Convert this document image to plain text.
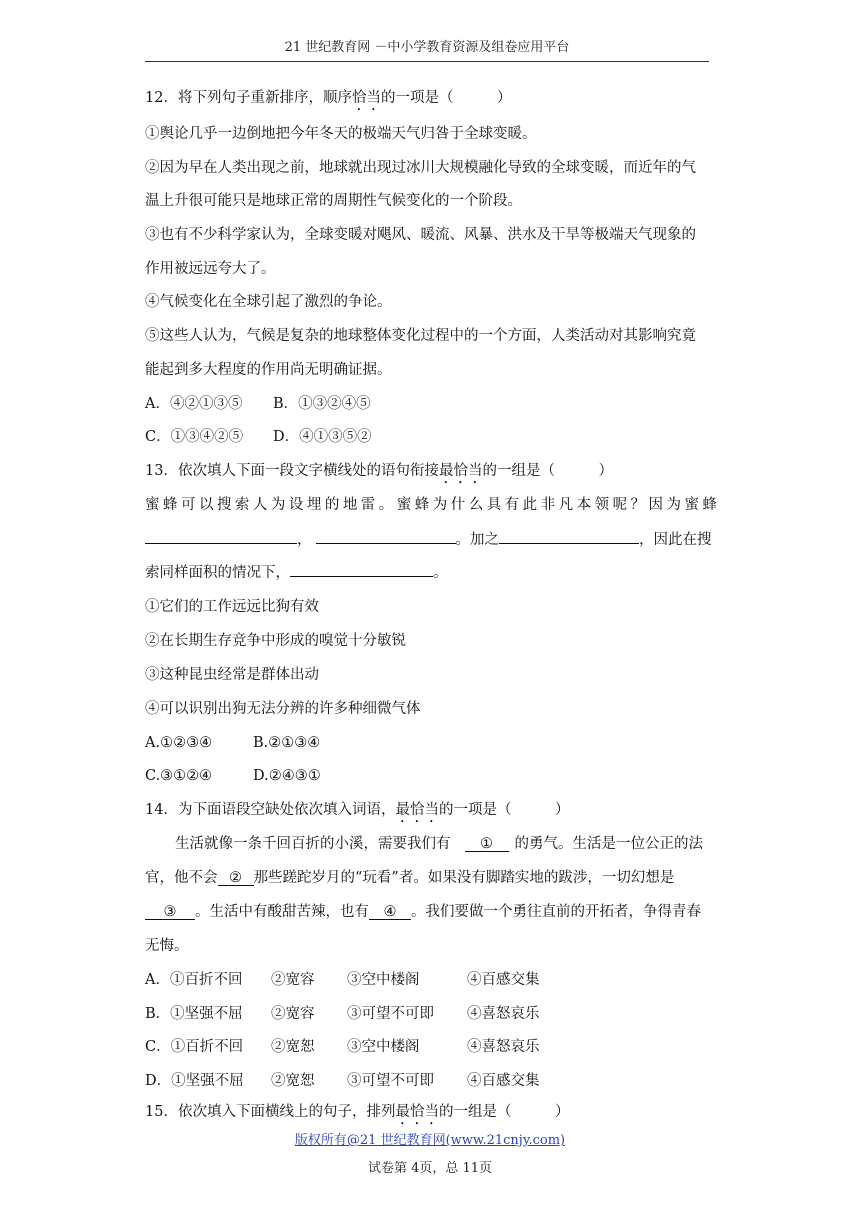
21 世纪教育网 －中小学教育资源及组卷应用平台
12．将下列句子重新排序，顺序恰当的一项是（　　　）
①舆论几乎一边倒地把今年冬天的极端天气归咎于全球变暖。
②因为早在人类出现之前，地球就出现过冰川大规模融化导致的全球变暖，而近年的气
温上升很可能只是地球正常的周期性气候变化的一个阶段。
③也有不少科学家认为，全球变暖对飓风、暖流、风暴、洪水及干旱等极端天气现象的
作用被远远夸大了。
④气候变化在全球引起了激烈的争论。
⑤这些人认为，气候是复杂的地球整体变化过程中的一个方面，人类活动对其影响究竟
能起到多大程度的作用尚无明确证据。
A．④②①③⑤ B．①③②④⑤
C．①③④②⑤ D．④①③⑤②
13．依次填人下面一段文字横线处的语句衔接最恰当的一组是（　　　）
蜜蜂可以搜索人为设埋的地雷。蜜蜂为什么具有此非凡本领呢？因为蜜蜂
，	。加之	，因此在搜
索同样面积的情况下，	。
①它们的工作远远比狗有效
②在长期生存竞争中形成的嗅觉十分敏锐
③这种昆虫经常是群体出动
④可以识别出狗无法分辨的许多种细微气体
A.①②③④	B.②①③④
C.③①②④	D.②④③①
14．为下面语段空缺处依次填入词语，最恰当的一项是（　　　）
生活就像一条千回百折的小溪，需要我们有 ① 的勇气。生活是一位公正的法
官，他不会 ② 那些蹉跎岁月的“玩看”者。如果没有脚踏实地的跋涉，一切幻想是
③ 。生活中有酸甜苦辣，也有 ④ 。我们要做一个勇往直前的开拓者，争得青春
无悔。
A．①百折不回 ②宽容 ③空中楼阁	④百感交集
B．①坚强不屈 ②宽容 ③可望不可即 ④喜怒哀乐
C．①百折不回 ②宽恕 ③空中楼阁	④喜怒哀乐
D．①坚强不屈 ②宽恕 ③可望不可即 ④百感交集
15．依次填入下面横线上的句子，排列最恰当的一组是（　　　）
版权所有@21 世纪教育网(www.21cnjy.com)
试卷第 4页，总 11页
